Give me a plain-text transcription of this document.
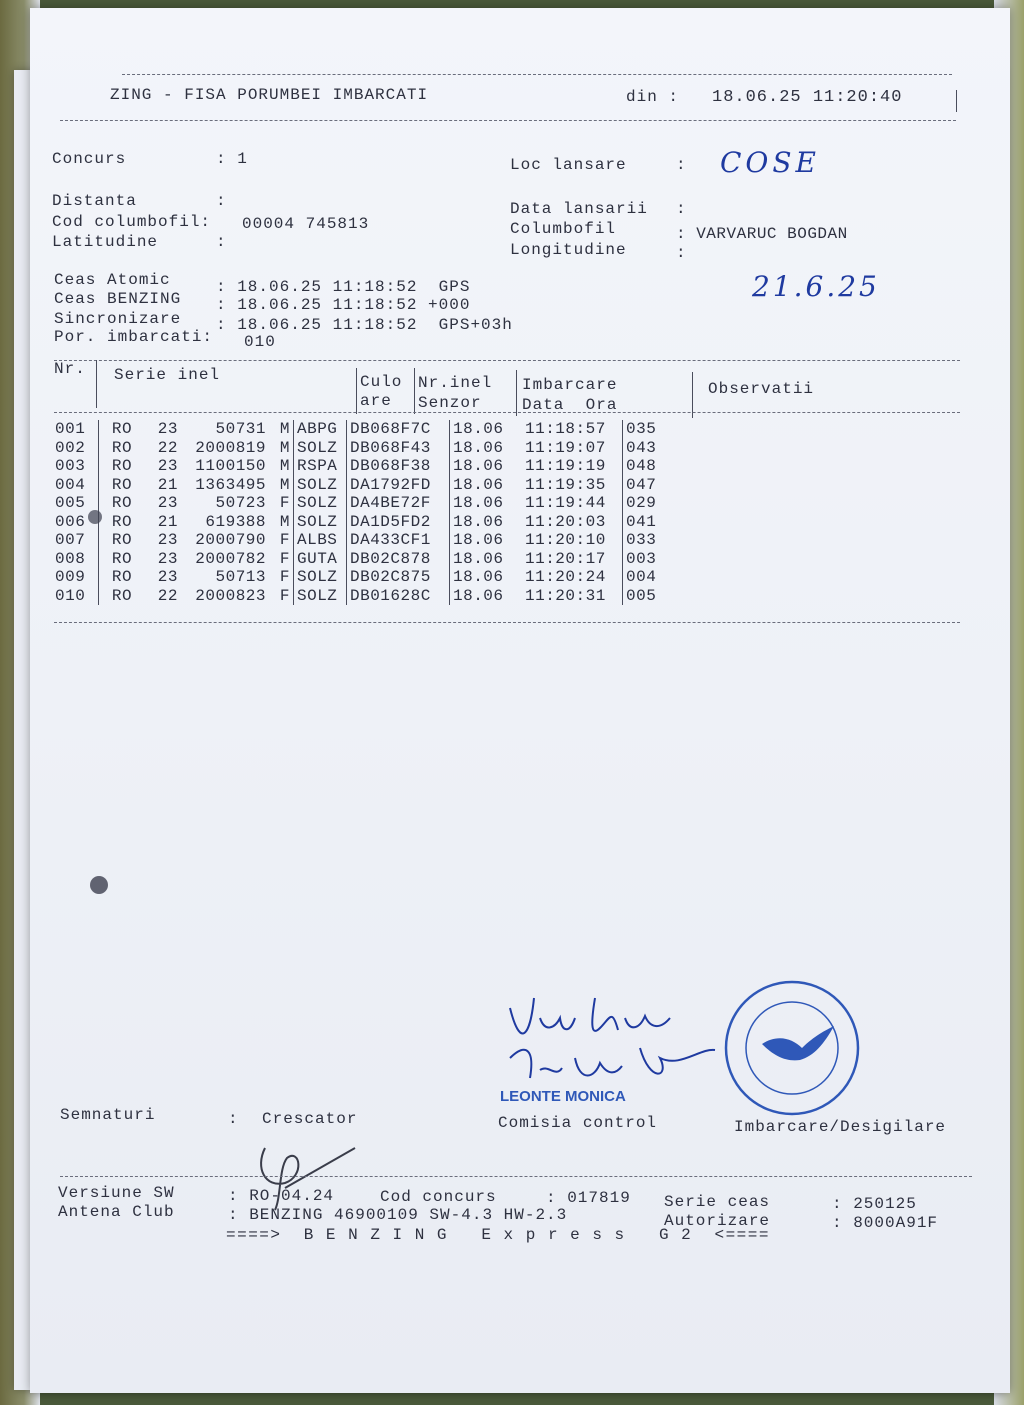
ZING - FISA PORUMBEI IMBARCATI	din : 18.06.25 11:20:40
Concurs	: 1	Loc lansare	: COSE
Distanta	:
Cod columbofil: 00004 745813
Latitudine	:
Data lansarii :
Columbofil	: VARVARUC BOGDAN
Longitudine	:
21.6.25
Ceas Atomic	: 18.06.25 11:18:52  GPS
Ceas BENZING : 18.06.25 11:18:52 +000
Sincronizare : 18.06.25 11:18:52  GPS+03h
Por. imbarcati: 010
Nr. Serie inel	Culo
are
Nr.inel
Senzor
Imbarcare
Data  Ora
Observatii
001	RO	23	50731	M	ABPG	DB068F7C	18.06	11:18:57	035
002	RO	22	2000819	M	SOLZ	DB068F43	18.06	11:19:07	043
003	RO	23	1100150	M	RSPA	DB068F38	18.06	11:19:19	048
004	RO	21	1363495	M	SOLZ	DA1792FD	18.06	11:19:35	047
005	RO	23	50723	F	SOLZ	DA4BE72F	18.06	11:19:44	029
006	RO	21	619388	M	SOLZ	DA1D5FD2	18.06	11:20:03	041
007	RO	23	2000790	F	ALBS	DA433CF1	18.06	11:20:10	033
008	RO	23	2000782	F	GUTA	DB02C878	18.06	11:20:17	003
009	RO	23	50713	F	SOLZ	DB02C875	18.06	11:20:24	004
010	RO	22	2000823	F	SOLZ	DB01628C	18.06	11:20:31	005
LEONTE MONICA
Semnaturi	: Crescator	Comisia control	Imbarcare/Desigilare
Versiune SW	: RO-04.24	Cod concurs	: 017819 Serie ceas	: 250125
Antena Club	: BENZING 46900109 SW-4.3 HW-2.3	Autorizare	: 8000A91F
====>  B E N Z I N G   E x p r e s s   G 2  <====
